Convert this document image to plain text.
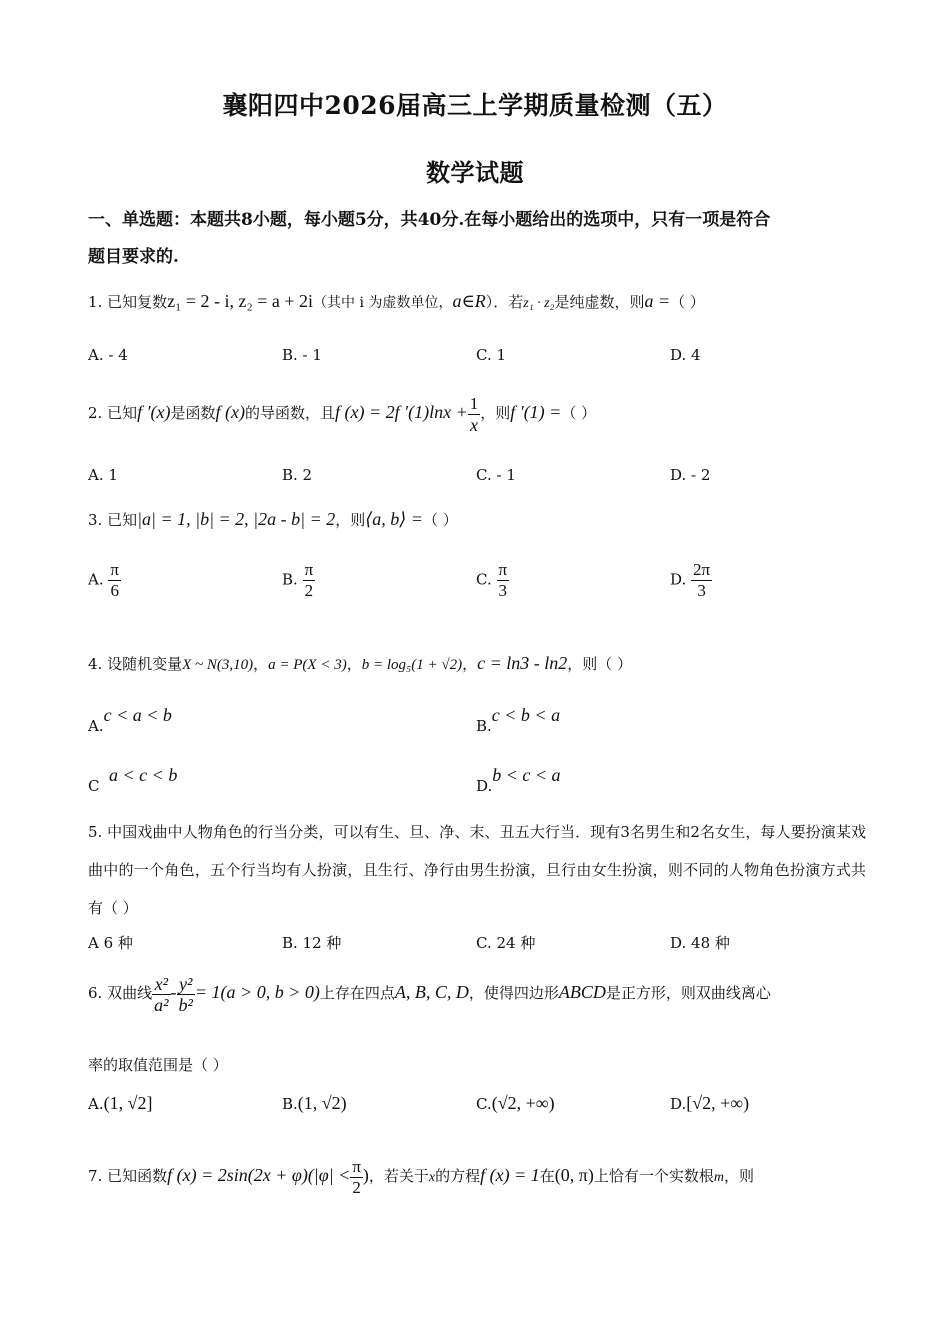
襄阳四中2026届高三上学期质量检测（五）
数学试题
一、单选题：本题共8小题，每小题5分，共40分.在每小题给出的选项中，只有一项是符合
题目要求的.
1. 已知复数z₁ = 2 - i, z₂ = a + 2i（其中 i 为虚数单位，a∈R）．若z₁ · z₂是纯虚数，则a =（ ）
A. - 4	B. - 1	C. 1	D. 4
2. 已知f ′(x)是函数f (x)的导函数，且f (x) = 2f $'(1)\ln x + \frac{1}{x}$ ，则f ′(1) =（ ）
A. 1	B. 2	C. - 1	D. - 2
3. 已知|a| = 1, |b| = 2, |2a - b| = 2，则⟨a, b⟩ =（ ）
A. $\frac{\pi}{6}$	B. $\frac{\pi}{2}$	C. $\frac{\pi}{3}$	D. $\frac{2\pi}{3}$
4. 设随机变量X ~ N(3,10)，a = P(X < 3)，b = log₅(1 + √2)，c = ln3 - ln2，则（ ）
A.c < a < b
B.c < b < a
C  a < c < b
D.b < c < a
5. 中国戏曲中人物角色的行当分类，可以有生、旦、净、末、丑五大行当．现有3名男生和2名女生，每人要扮演某戏曲中的一个角色，五个行当均有人扮演，且生行、净行由男生扮演，旦行由女生扮演，则不同的人物角色扮演方式共有（ ）
A 6 种	B. 12 种	C. 24 种	D. 48 种
6. 双曲线 $\frac{\text{x²}}{\text{a²}} - \frac{\text{y²}}{\text{b²}} = 1(a > 0$, b > 0)上存在四点A, B, C, D，使得四边形ABCD是正方形，则双曲线离心
率的取值范围是（ ）
A.(1, √2]	B.(1, √2)	C.(√2, +∞)	D.[√2, +∞)
7. 已知函数f $(x) = 2\sin(2x + \varphi)(|\varphi| < \frac{\pi}{2}$ )，若关于x的方程f (x) = 1在(0, π)上恰有一个实数根m，则
